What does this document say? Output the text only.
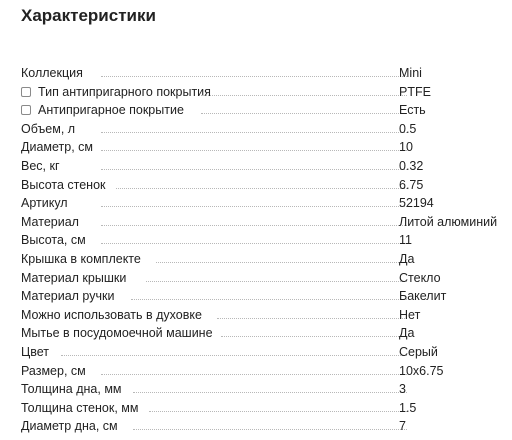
Характеристики
Коллекция	Mini
Тип антипригарного покрытия	PTFE
Антипригарное покрытие	Есть
Объем, л	0.5
Диаметр, см	10
Вес, кг	0.32
Высота стенок	6.75
Артикул	52194
Материал	Литой алюминий
Высота, см	11
Крышка в комплекте	Да
Материал крышки	Стекло
Материал ручки	Бакелит
Можно использовать в духовке	Нет
Мытье в посудомоечной машине	Да
Цвет	Серый
Размер, см	10x6.75
Толщина дна, мм	3
Толщина стенок, мм	1.5
Диаметр дна, см	7
